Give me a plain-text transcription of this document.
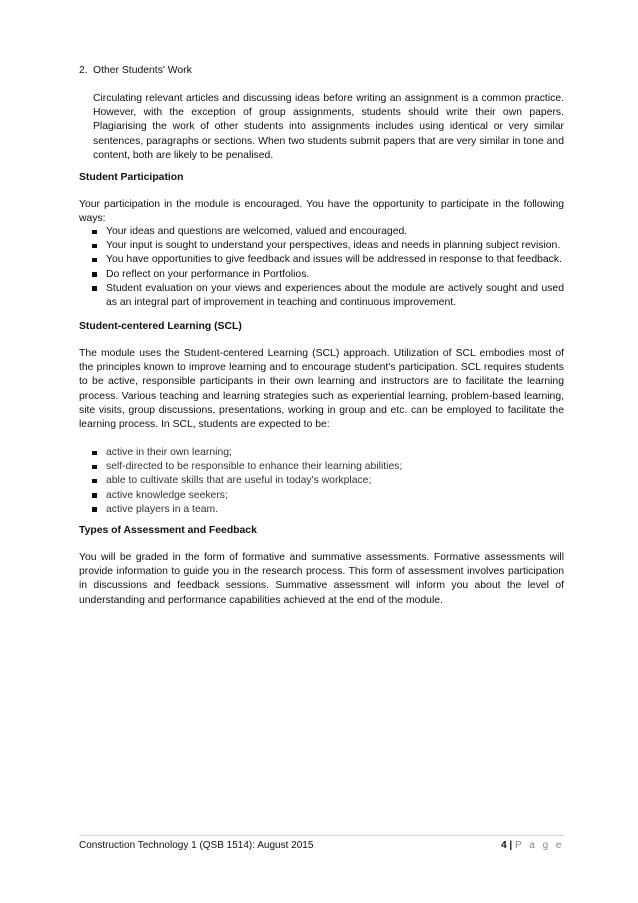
2. Other Students' Work
Circulating relevant articles and discussing ideas before writing an assignment is a common practice. However, with the exception of group assignments, students should write their own papers. Plagiarising the work of other students into assignments includes using identical or very similar sentences, paragraphs or sections. When two students submit papers that are very similar in tone and content, both are likely to be penalised.
Student Participation
Your participation in the module is encouraged. You have the opportunity to participate in the following ways:
Your ideas and questions are welcomed, valued and encouraged.
Your input is sought to understand your perspectives, ideas and needs in planning subject revision.
You have opportunities to give feedback and issues will be addressed in response to that feedback.
Do reflect on your performance in Portfolios.
Student evaluation on your views and experiences about the module are actively sought and used as an integral part of improvement in teaching and continuous improvement.
Student-centered Learning (SCL)
The module uses the Student-centered Learning (SCL) approach. Utilization of SCL embodies most of the principles known to improve learning and to encourage student's participation. SCL requires students to be active, responsible participants in their own learning and instructors are to facilitate the learning process. Various teaching and learning strategies such as experiential learning, problem-based learning, site visits, group discussions, presentations, working in group and etc. can be employed to facilitate the learning process. In SCL, students are expected to be:
active in their own learning;
self-directed to be responsible to enhance their learning abilities;
able to cultivate skills that are useful in today's workplace;
active knowledge seekers;
active players in a team.
Types of Assessment and Feedback
You will be graded in the form of formative and summative assessments. Formative assessments will provide information to guide you in the research process. This form of assessment involves participation in discussions and feedback sessions. Summative assessment will inform you about the level of understanding and performance capabilities achieved at the end of the module.
Construction Technology 1 (QSB 1514): August 2015	4 | P a g e
